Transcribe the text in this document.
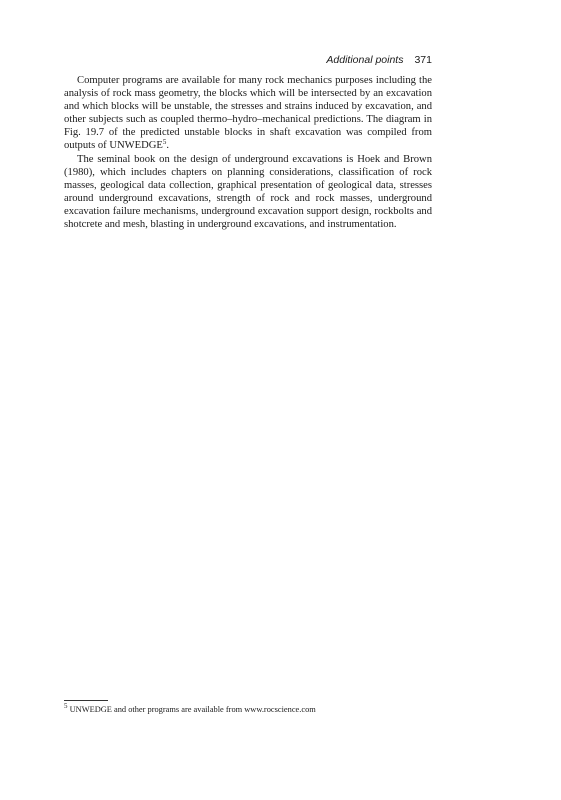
Additional points 371

Computer programs are available for many rock mechanics purposes including the analysis of rock mass geometry, the blocks which will be intersected by an excavation and which blocks will be unstable, the stresses and strains induced by excavation, and other subjects such as coupled thermo–hydro–mechanical predictions. The diagram in Fig. 19.7 of the predicted unstable blocks in shaft excavation was compiled from outputs of UNWEDGE$^5$.

The seminal book on the design of underground excavations is Hoek and Brown (1980), which includes chapters on planning considerations, classification of rock masses, geological data collection, graphical presentation of geological data, stresses around underground excavations, strength of rock and rock masses, underground excavation failure mechanisms, underground excavation support design, rockbolts and shotcrete and mesh, blasting in underground excavations, and instrumentation.

$^5$ UNWEDGE and other programs are available from www.rocscience.com
